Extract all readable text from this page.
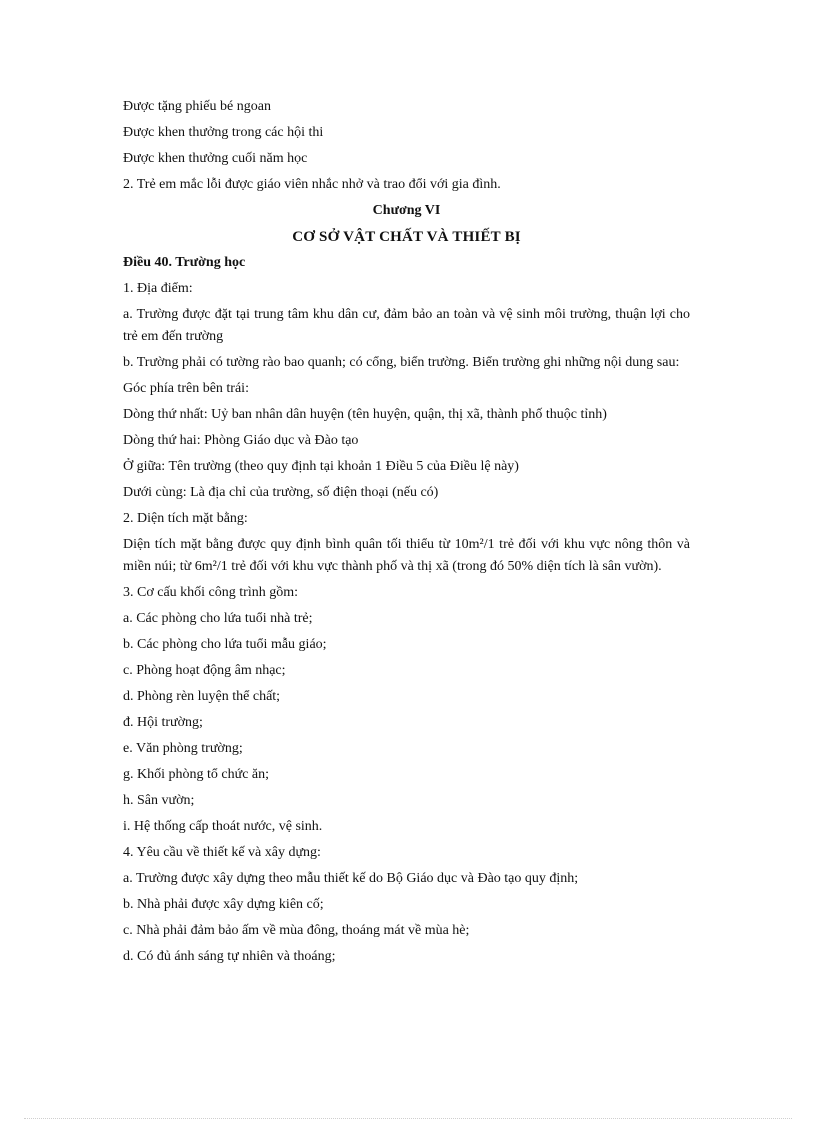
Được tặng phiếu bé ngoan
Được khen thưởng trong các hội thi
Được khen thưởng cuối năm học
2. Trẻ em mắc lỗi được giáo viên nhắc nhở và trao đổi với gia đình.
Chương VI
CƠ SỞ VẬT CHẤT VÀ THIẾT BỊ
Điều 40. Trường học
1. Địa điểm:
a. Trường được đặt tại trung tâm khu dân cư, đảm bảo an toàn và vệ sinh môi trường, thuận lợi cho trẻ em đến trường
b. Trường phải có tường rào bao quanh; có cổng, biển trường. Biển trường ghi những nội dung sau:
Góc phía trên bên trái:
Dòng thứ nhất: Uỷ ban nhân dân huyện (tên huyện, quận, thị xã, thành phố thuộc tỉnh)
Dòng thứ hai: Phòng Giáo dục và Đào tạo
Ở giữa: Tên trường (theo quy định tại khoản 1 Điều 5 của Điều lệ này)
Dưới cùng: Là địa chỉ của trường, số điện thoại (nếu có)
2. Diện tích mặt bằng:
Diện tích mặt bằng được quy định bình quân tối thiểu từ 10m²/1 trẻ đối với khu vực nông thôn và miền núi; từ 6m²/1 trẻ đối với khu vực thành phố và thị xã (trong đó 50% diện tích là sân vườn).
3. Cơ cấu khối công trình gồm:
a. Các phòng cho lứa tuổi nhà trẻ;
b. Các phòng cho lứa tuổi mẫu giáo;
c. Phòng hoạt động âm nhạc;
d. Phòng rèn luyện thể chất;
đ. Hội trường;
e. Văn phòng trường;
g. Khối phòng tổ chức ăn;
h. Sân vườn;
i. Hệ thống cấp thoát nước, vệ sinh.
4. Yêu cầu về thiết kế và xây dựng:
a. Trường được xây dựng theo mẫu thiết kế do Bộ Giáo dục và Đào tạo quy định;
b. Nhà phải được xây dựng kiên cố;
c. Nhà phải đảm bảo ấm về mùa đông, thoáng mát về mùa hè;
d. Có đủ ánh sáng tự nhiên và thoáng;
